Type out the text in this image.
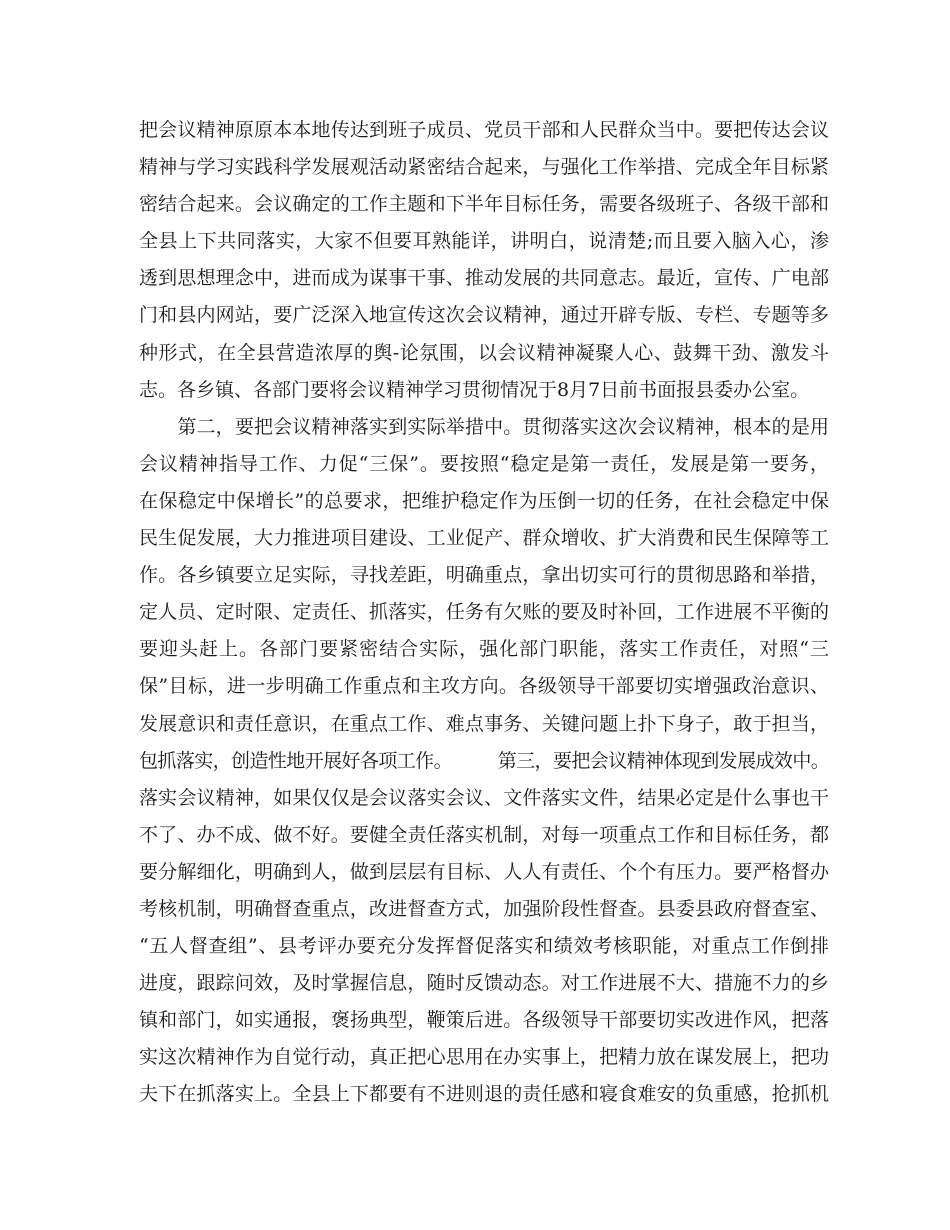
把会议精神原原本本地传达到班子成员、党员干部和人民群众当中。要把传达会议
精神与学习实践科学发展观活动紧密结合起来，与强化工作举措、完成全年目标紧
密结合起来。会议确定的工作主题和下半年目标任务，需要各级班子、各级干部和
全县上下共同落实，大家不但要耳熟能详，讲明白，说清楚;而且要入脑入心，渗
透到思想理念中，进而成为谋事干事、推动发展的共同意志。最近，宣传、广电部
门和县内网站，要广泛深入地宣传这次会议精神，通过开辟专版、专栏、专题等多
种形式，在全县营造浓厚的舆-论氛围，以会议精神凝聚人心、鼓舞干劲、激发斗
志。各乡镇、各部门要将会议精神学习贯彻情况于8月7日前书面报县委办公室。
　　第二，要把会议精神落实到实际举措中。贯彻落实这次会议精神，根本的是用
会议精神指导工作、力促“三保”。要按照“稳定是第一责任，发展是第一要务，
在保稳定中保增长”的总要求，把维护稳定作为压倒一切的任务，在社会稳定中保
民生促发展，大力推进项目建设、工业促产、群众增收、扩大消费和民生保障等工
作。各乡镇要立足实际，寻找差距，明确重点，拿出切实可行的贯彻思路和举措，
定人员、定时限、定责任、抓落实，任务有欠账的要及时补回，工作进展不平衡的
要迎头赶上。各部门要紧密结合实际，强化部门职能，落实工作责任，对照“三
保”目标，进一步明确工作重点和主攻方向。各级领导干部要切实增强政治意识、
发展意识和责任意识，在重点工作、难点事务、关键问题上扑下身子，敢于担当，
包抓落实，创造性地开展好各项工作。　　　第三，要把会议精神体现到发展成效中。
落实会议精神，如果仅仅是会议落实会议、文件落实文件，结果必定是什么事也干
不了、办不成、做不好。要健全责任落实机制，对每一项重点工作和目标任务，都
要分解细化，明确到人，做到层层有目标、人人有责任、个个有压力。要严格督办
考核机制，明确督查重点，改进督查方式，加强阶段性督查。县委县政府督查室、
“五人督查组”、县考评办要充分发挥督促落实和绩效考核职能，对重点工作倒排
进度，跟踪问效，及时掌握信息，随时反馈动态。对工作进展不大、措施不力的乡
镇和部门，如实通报，褒扬典型，鞭策后进。各级领导干部要切实改进作风，把落
实这次精神作为自觉行动，真正把心思用在办实事上，把精力放在谋发展上，把功
夫下在抓落实上。全县上下都要有不进则退的责任感和寝食难安的负重感，抢抓机
